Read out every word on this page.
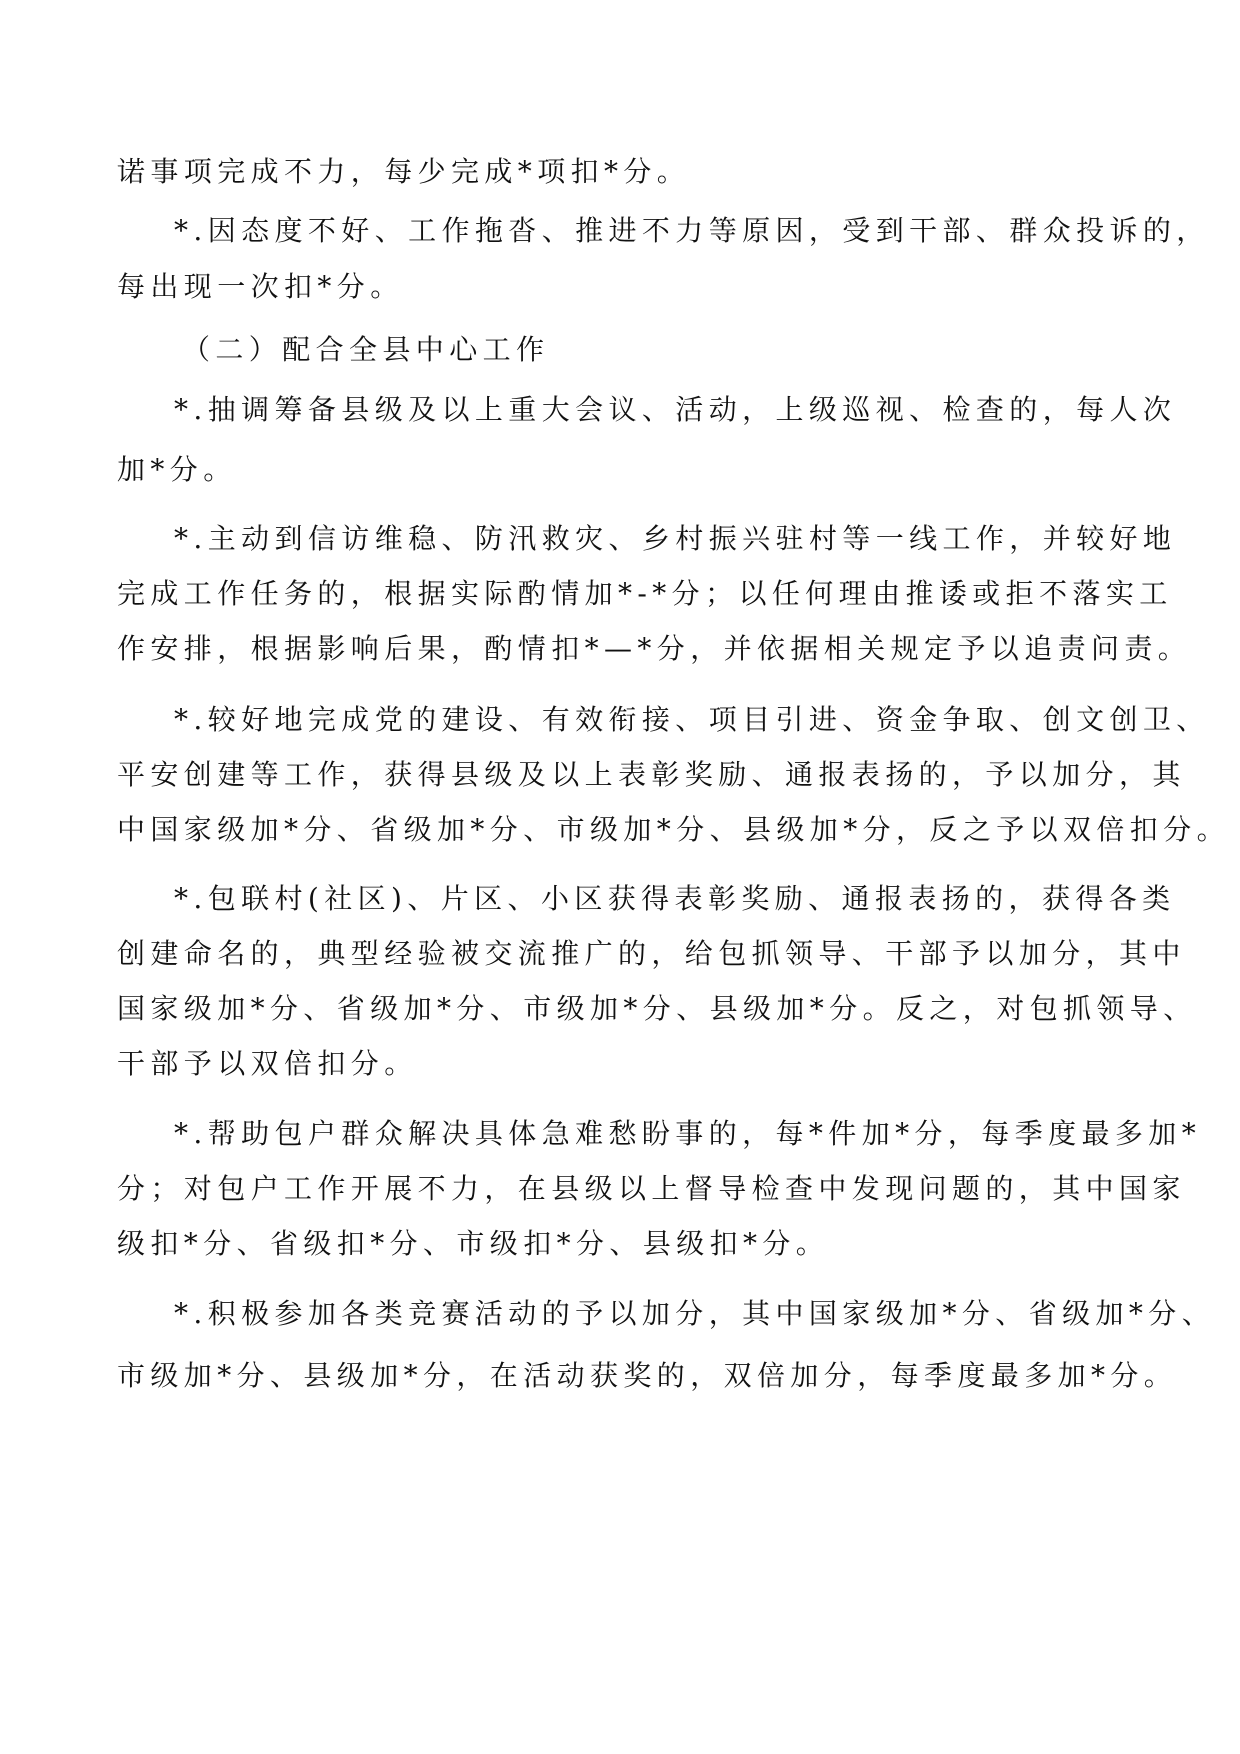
诺事项完成不力，每少完成*项扣*分。
*.因态度不好、工作拖沓、推进不力等原因，受到干部、群众投诉的，
每出现一次扣*分。
（二）配合全县中心工作
*.抽调筹备县级及以上重大会议、活动，上级巡视、检查的，每人次
加*分。
*.主动到信访维稳、防汛救灾、乡村振兴驻村等一线工作，并较好地
完成工作任务的，根据实际酌情加*-*分；以任何理由推诿或拒不落实工
作安排，根据影响后果，酌情扣*—*分，并依据相关规定予以追责问责。
*.较好地完成党的建设、有效衔接、项目引进、资金争取、创文创卫、
平安创建等工作，获得县级及以上表彰奖励、通报表扬的，予以加分，其
中国家级加*分、省级加*分、市级加*分、县级加*分，反之予以双倍扣分。
*.包联村(社区)、片区、小区获得表彰奖励、通报表扬的，获得各类
创建命名的，典型经验被交流推广的，给包抓领导、干部予以加分，其中
国家级加*分、省级加*分、市级加*分、县级加*分。反之，对包抓领导、
干部予以双倍扣分。
*.帮助包户群众解决具体急难愁盼事的，每*件加*分，每季度最多加*
分；对包户工作开展不力，在县级以上督导检查中发现问题的，其中国家
级扣*分、省级扣*分、市级扣*分、县级扣*分。
*.积极参加各类竞赛活动的予以加分，其中国家级加*分、省级加*分、
市级加*分、县级加*分，在活动获奖的，双倍加分，每季度最多加*分。
